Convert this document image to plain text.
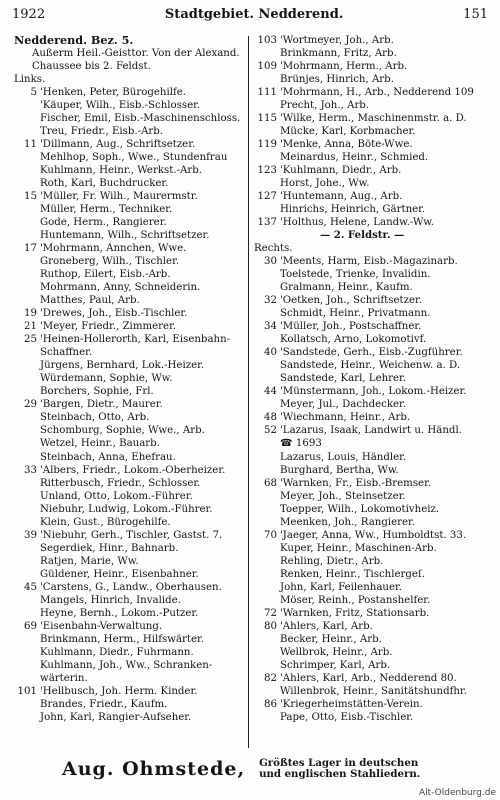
1922	Stadtgebiet. Nedderend.	151
Nedderend. Bez. 5.
Außerm Heil.-Geisttor. Von der Alexand.
Chaussee bis 2. Feldst.
Links.
5 'Henken, Peter, Bürogehilfe.
'Käuper, Wilh., Eisb.-Schlosser.
Fischer, Emil, Eisb.-Maschinenschloss.
Treu, Friedr., Eisb.-Arb.
11 'Dillmann, Aug., Schriftsetzer.
Mehlhop, Soph., Wwe., Stundenfrau
Kuhlmann, Heinr., Werkst.-Arb.
Roth, Karl, Buchdrucker.
15 'Müller, Fr. Wilh., Maurermstr.
Müller, Herm., Techniker.
Gode, Herm., Rangierer.
Huntemann, Wilh., Schriftsetzer.
17 'Mohrmann, Annchen, Wwe.
Groneberg, Wilh., Tischler.
Ruthop, Eilert, Eisb.-Arb.
Mohrmann, Anny, Schneiderin.
Matthes, Paul, Arb.
19 'Drewes, Joh., Eisb.-Tischler.
21 'Meyer, Friedr., Zimmerer.
25 'Heinen-Hollerorth, Karl, Eisenbahn-
Schaffner.
Jürgens, Bernhard, Lok.-Heizer.
Würdemann, Sophie, Ww.
Borchers, Sophie, Frl.
29 'Bargen, Dietr., Maurer.
Steinbach, Otto, Arb.
Schomburg, Sophie, Wwe., Arb.
Wetzel, Heinr., Bauarb.
Steinbach, Anna, Ehefrau.
33 'Albers, Friedr., Lokom.-Oberheizer.
Ritterbusch, Friedr., Schlosser.
Unland, Otto, Lokom.-Führer.
Niebuhr, Ludwig, Lokom.-Führer.
Klein, Gust., Bürogehilfe.
39 'Niebuhr, Gerh., Tischler, Gastst. 7.
Segerdiek, Hinr., Bahnarb.
Ratjen, Marie, Ww.
Güldener, Heinr., Eisenbahner.
45 'Carstens, G., Landw., Oberhausen.
Mangels, Hinrich, Invalide.
Heyne, Bernh., Lokom.-Putzer.
69 'Eisenbahn-Verwaltung.
Brinkmann, Herm., Hilfswärter.
Kuhlmann, Diedr., Fuhrmann.
Kuhlmann, Joh., Ww., Schranken-
wärterin.
101 'Hellbusch, Joh. Herm. Kinder.
Brandes, Friedr., Kaufm.
John, Karl, Rangier-Aufseher.
103 'Wortmeyer, Joh., Arb.
Brinkmann, Fritz, Arb.
109 'Mohrmann, Herm., Arb.
Brünjes, Hinrich, Arb.
111 'Mohrmann, H., Arb., Nedderend 109
Precht, Joh., Arb.
115 'Wilke, Herm., Maschinenmstr. a. D.
Mücke, Karl, Korbmacher.
119 'Menke, Anna, Böte-Wwe.
Meinardus, Heinr., Schmied.
123 'Kuhlmann, Diedr., Arb.
Horst, Johe., Ww.
127 'Huntemann, Aug., Arb.
Hinrichs, Heinrich, Gärtner.
137 'Holthus, Helene, Landw.-Ww.
— 2. Feldstr. —
Rechts.
30 'Meents, Harm, Eisb.-Magazinarb.
Toelstede, Trienke, Invalidin.
Gralmann, Heinr., Kaufm.
32 'Oetken, Joh., Schriftsetzer.
Schmidt, Heinr., Privatmann.
34 'Müller, Joh., Postschaffner.
Kollatsch, Arno, Lokomotivf.
40 'Sandstede, Gerh., Eisb.-Zugführer.
Sandstede, Heinr., Weichenw. a. D.
Sandstede, Karl, Lehrer.
44 'Münstermann, Joh., Lokom.-Heizer.
Meyer, Jul., Dachdecker.
48 'Wiechmann, Heinr., Arb.
52 'Lazarus, Isaak, Landwirt u. Händl.
☎ 1693
Lazarus, Louis, Händler.
Burghard, Bertha, Ww.
68 'Warnken, Fr., Eisb.-Bremser.
Meyer, Joh., Steinsetzer.
Toepper, Wilh., Lokomotivheiz.
Meenken, Joh., Rangierer.
70 'Jaeger, Anna, Ww., Humboldtst. 33.
Kuper, Heinr., Maschinen-Arb.
Rehling, Dietr., Arb.
Renken, Heinr., Tischlergeſ.
John, Karl, Feilenhauer.
Möser, Reinh., Postanshelfer.
72 'Warnken, Fritz, Stationsarb.
80 'Ahlers, Karl, Arb.
Becker, Heinr., Arb.
Wellbrok, Heinr., Arb.
Schrimper, Karl, Arb.
82 'Ahlers, Karl, Arb., Nedderend 80.
Willenbrok, Heinr., Sanitätshundfhr.
86 'Kriegerheimstätten-Verein.
Pape, Otto, Eisb.-Tischler.
Aug. Ohmstede, Größtes Lager in deutschen
und englischen Stahliedern.
Alt-Oldenburg.de
